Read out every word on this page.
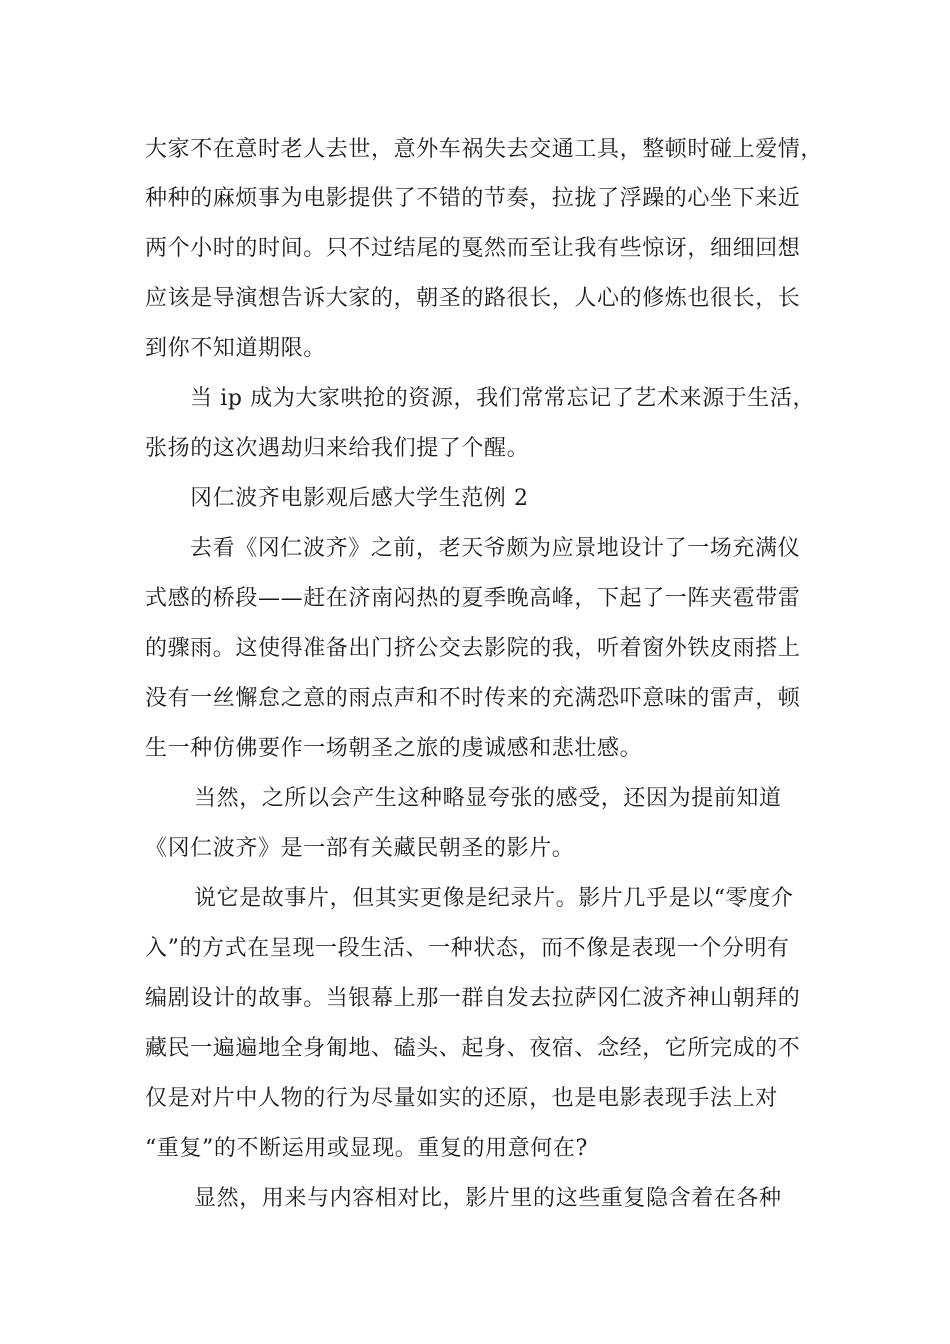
大家不在意时老人去世，意外车祸失去交通工具，整顿时碰上爱情，
种种的麻烦事为电影提供了不错的节奏，拉拢了浮躁的心坐下来近
两个小时的时间。只不过结尾的戛然而至让我有些惊讶，细细回想
应该是导演想告诉大家的，朝圣的路很长，人心的修炼也很长，长
到你不知道期限。
当 ip 成为大家哄抢的资源，我们常常忘记了艺术来源于生活，
张扬的这次遇劫归来给我们提了个醒。
冈仁波齐电影观后感大学生范例 2
去看《冈仁波齐》之前，老天爷颇为应景地设计了一场充满仪
式感的桥段——赶在济南闷热的夏季晚高峰，下起了一阵夹雹带雷
的骤雨。这使得准备出门挤公交去影院的我，听着窗外铁皮雨搭上
没有一丝懈怠之意的雨点声和不时传来的充满恐吓意味的雷声，顿
生一种仿佛要作一场朝圣之旅的虔诚感和悲壮感。
当然，之所以会产生这种略显夸张的感受，还因为提前知道
《冈仁波齐》是一部有关藏民朝圣的影片。
说它是故事片，但其实更像是纪录片。影片几乎是以“零度介
入”的方式在呈现一段生活、一种状态，而不像是表现一个分明有
编剧设计的故事。当银幕上那一群自发去拉萨冈仁波齐神山朝拜的
藏民一遍遍地全身匍地、磕头、起身、夜宿、念经，它所完成的不
仅是对片中人物的行为尽量如实的还原，也是电影表现手法上对
“重复”的不断运用或显现。重复的用意何在?
显然，用来与内容相对比，影片里的这些重复隐含着在各种
